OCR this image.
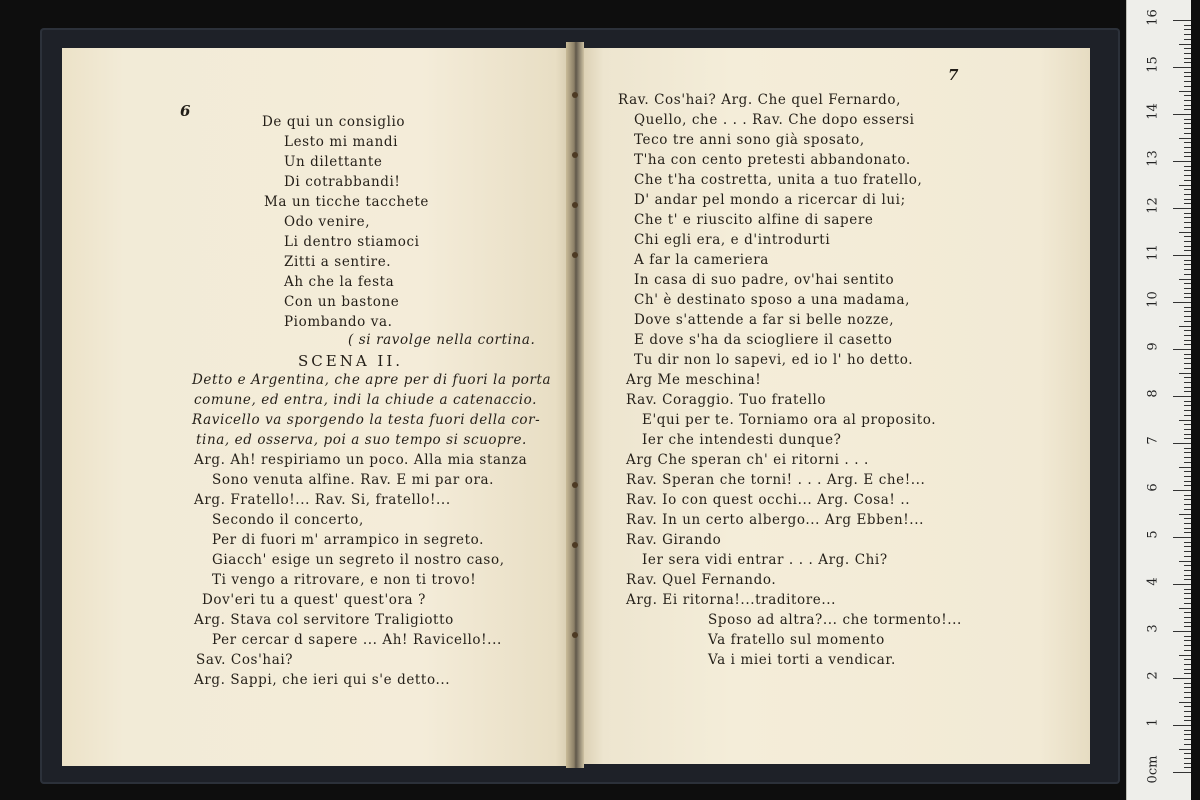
6
De qui un consiglio
Lesto mi mandi
Un dilettante
Di cotrabbandi!
Ma un ticche tacchete
Odo venire,
Li dentro stiamoci
Zitti a sentire.
Ah che la festa
Con un bastone
Piombando va.
( si ravolge nella cortina.
SCENA II.
Detto e Argentina, che apre per di fuori la porta
comune, ed entra, indi la chiude a catenaccio.
Ravicello va sporgendo la testa fuori della cor-
tina, ed osserva, poi a suo tempo si scuopre.
Arg. Ah! respiriamo un poco. Alla mia stanza
Sono venuta alfine. Rav. E mi par ora.
Arg. Fratello!... Rav. Si, fratello!...
Secondo il concerto,
Per di fuori m' arrampico in segreto.
Giacch' esige un segreto il nostro caso,
Ti vengo a ritrovare, e non ti trovo!
Dov'eri tu a quest' quest'ora ?
Arg. Stava col servitore Traligiotto
Per cercar d sapere ... Ah! Ravicello!...
Sav. Cos'hai?
Arg. Sappi, che ieri qui s'e detto...
7
Rav. Cos'hai? Arg. Che quel Fernardo,
Quello, che . . . Rav. Che dopo essersi
Teco tre anni sono già sposato,
T'ha con cento pretesti abbandonato.
Che t'ha costretta, unita a tuo fratello,
D' andar pel mondo a ricercar di lui;
Che t' e riuscito alfine di sapere
Chi egli era, e d'introdurti
A far la cameriera
In casa di suo padre, ov'hai sentito
Ch' è destinato sposo a una madama,
Dove s'attende a far si belle nozze,
E dove s'ha da sciogliere il casetto
Tu dir non lo sapevi, ed io l' ho detto.
Arg Me meschina!
Rav. Coraggio. Tuo fratello
E'qui per te. Torniamo ora al proposito.
Ier che intendesti dunque?
Arg Che speran ch' ei ritorni . . .
Rav. Speran che torni! . . . Arg. E che!...
Rav. Io con quest occhi... Arg. Cosa! ..
Rav. In un certo albergo... Arg Ebben!...
Rav. Girando
Ier sera vidi entrar . . . Arg. Chi?
Rav. Quel Fernando.
Arg. Ei ritorna!...traditore...
Sposo ad altra?... che tormento!...
Va fratello sul momento
Va i miei torti a vendicar.
0cm
1
2
3
4
5
6
7
8
9
10
11
12
13
14
15
16
